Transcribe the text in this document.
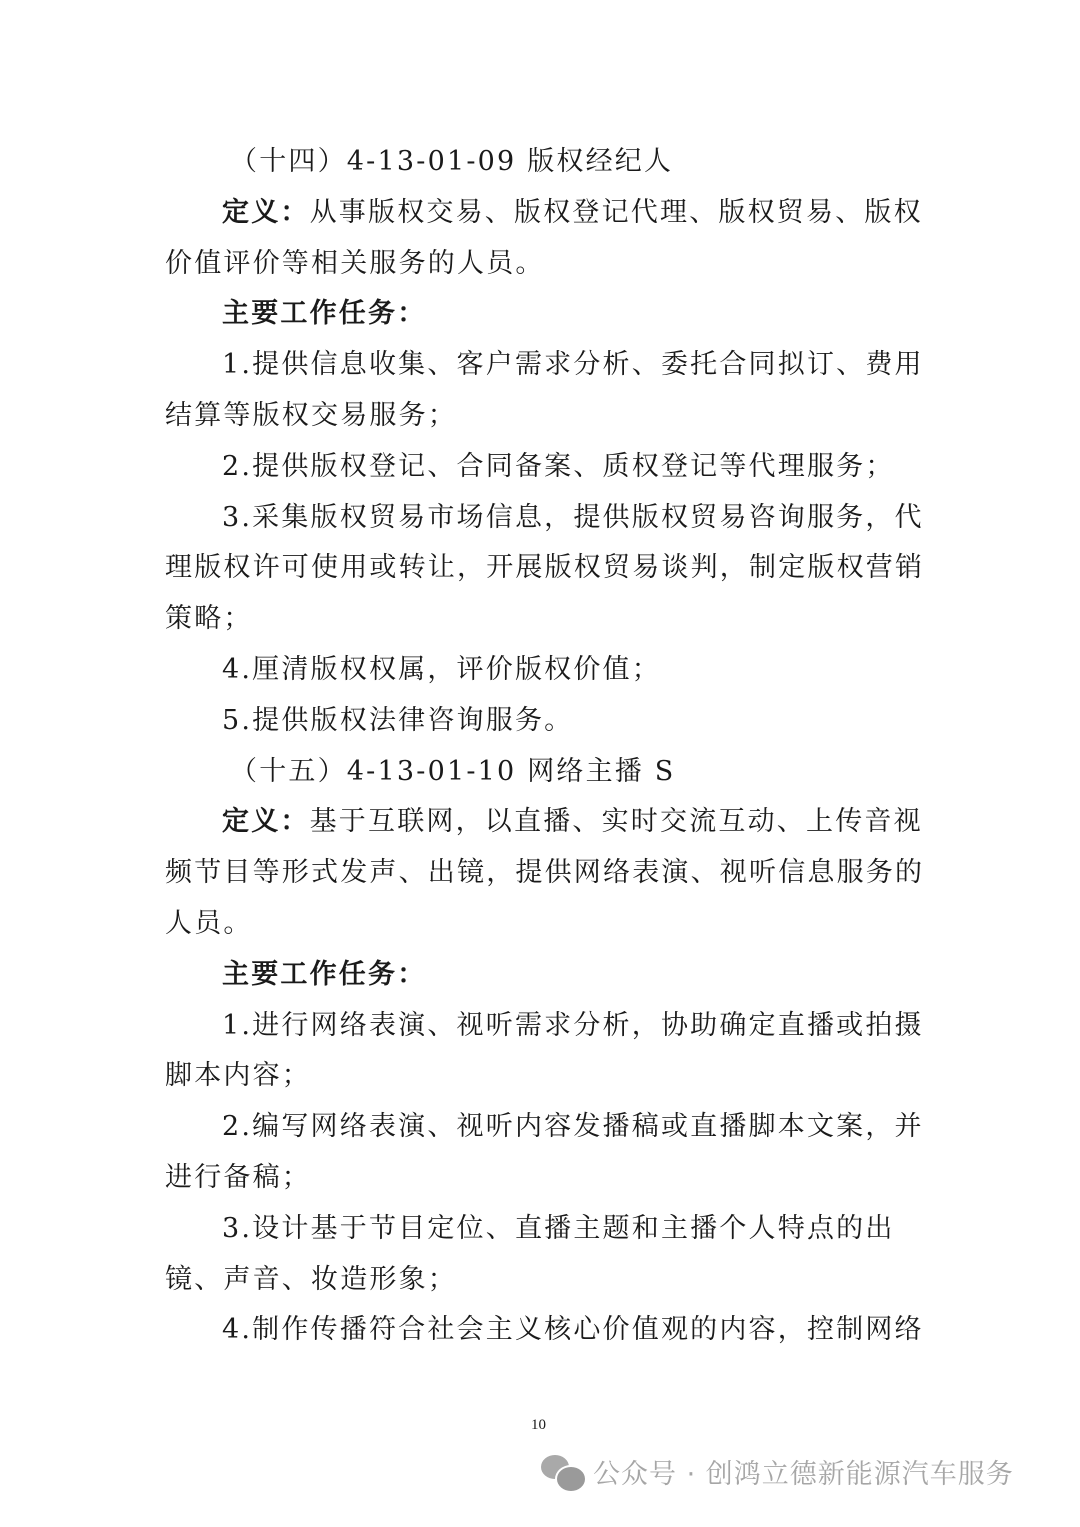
（十四）4-13-01-09 版权经纪人
定义：从事版权交易、版权登记代理、版权贸易、版权
价值评价等相关服务的人员。
主要工作任务：
1.提供信息收集、客户需求分析、委托合同拟订、费用
结算等版权交易服务；
2.提供版权登记、合同备案、质权登记等代理服务；
3.采集版权贸易市场信息，提供版权贸易咨询服务，代
理版权许可使用或转让，开展版权贸易谈判，制定版权营销
策略；
4.厘清版权权属，评价版权价值；
5.提供版权法律咨询服务。
（十五）4-13-01-10 网络主播 S
定义：基于互联网，以直播、实时交流互动、上传音视
频节目等形式发声、出镜，提供网络表演、视听信息服务的
人员。
主要工作任务：
1.进行网络表演、视听需求分析，协助确定直播或拍摄
脚本内容；
2.编写网络表演、视听内容发播稿或直播脚本文案，并
进行备稿；
3.设计基于节目定位、直播主题和主播个人特点的出
镜、声音、妆造形象；
4.制作传播符合社会主义核心价值观的内容，控制网络
10
公众号 · 创鸿立德新能源汽车服务
